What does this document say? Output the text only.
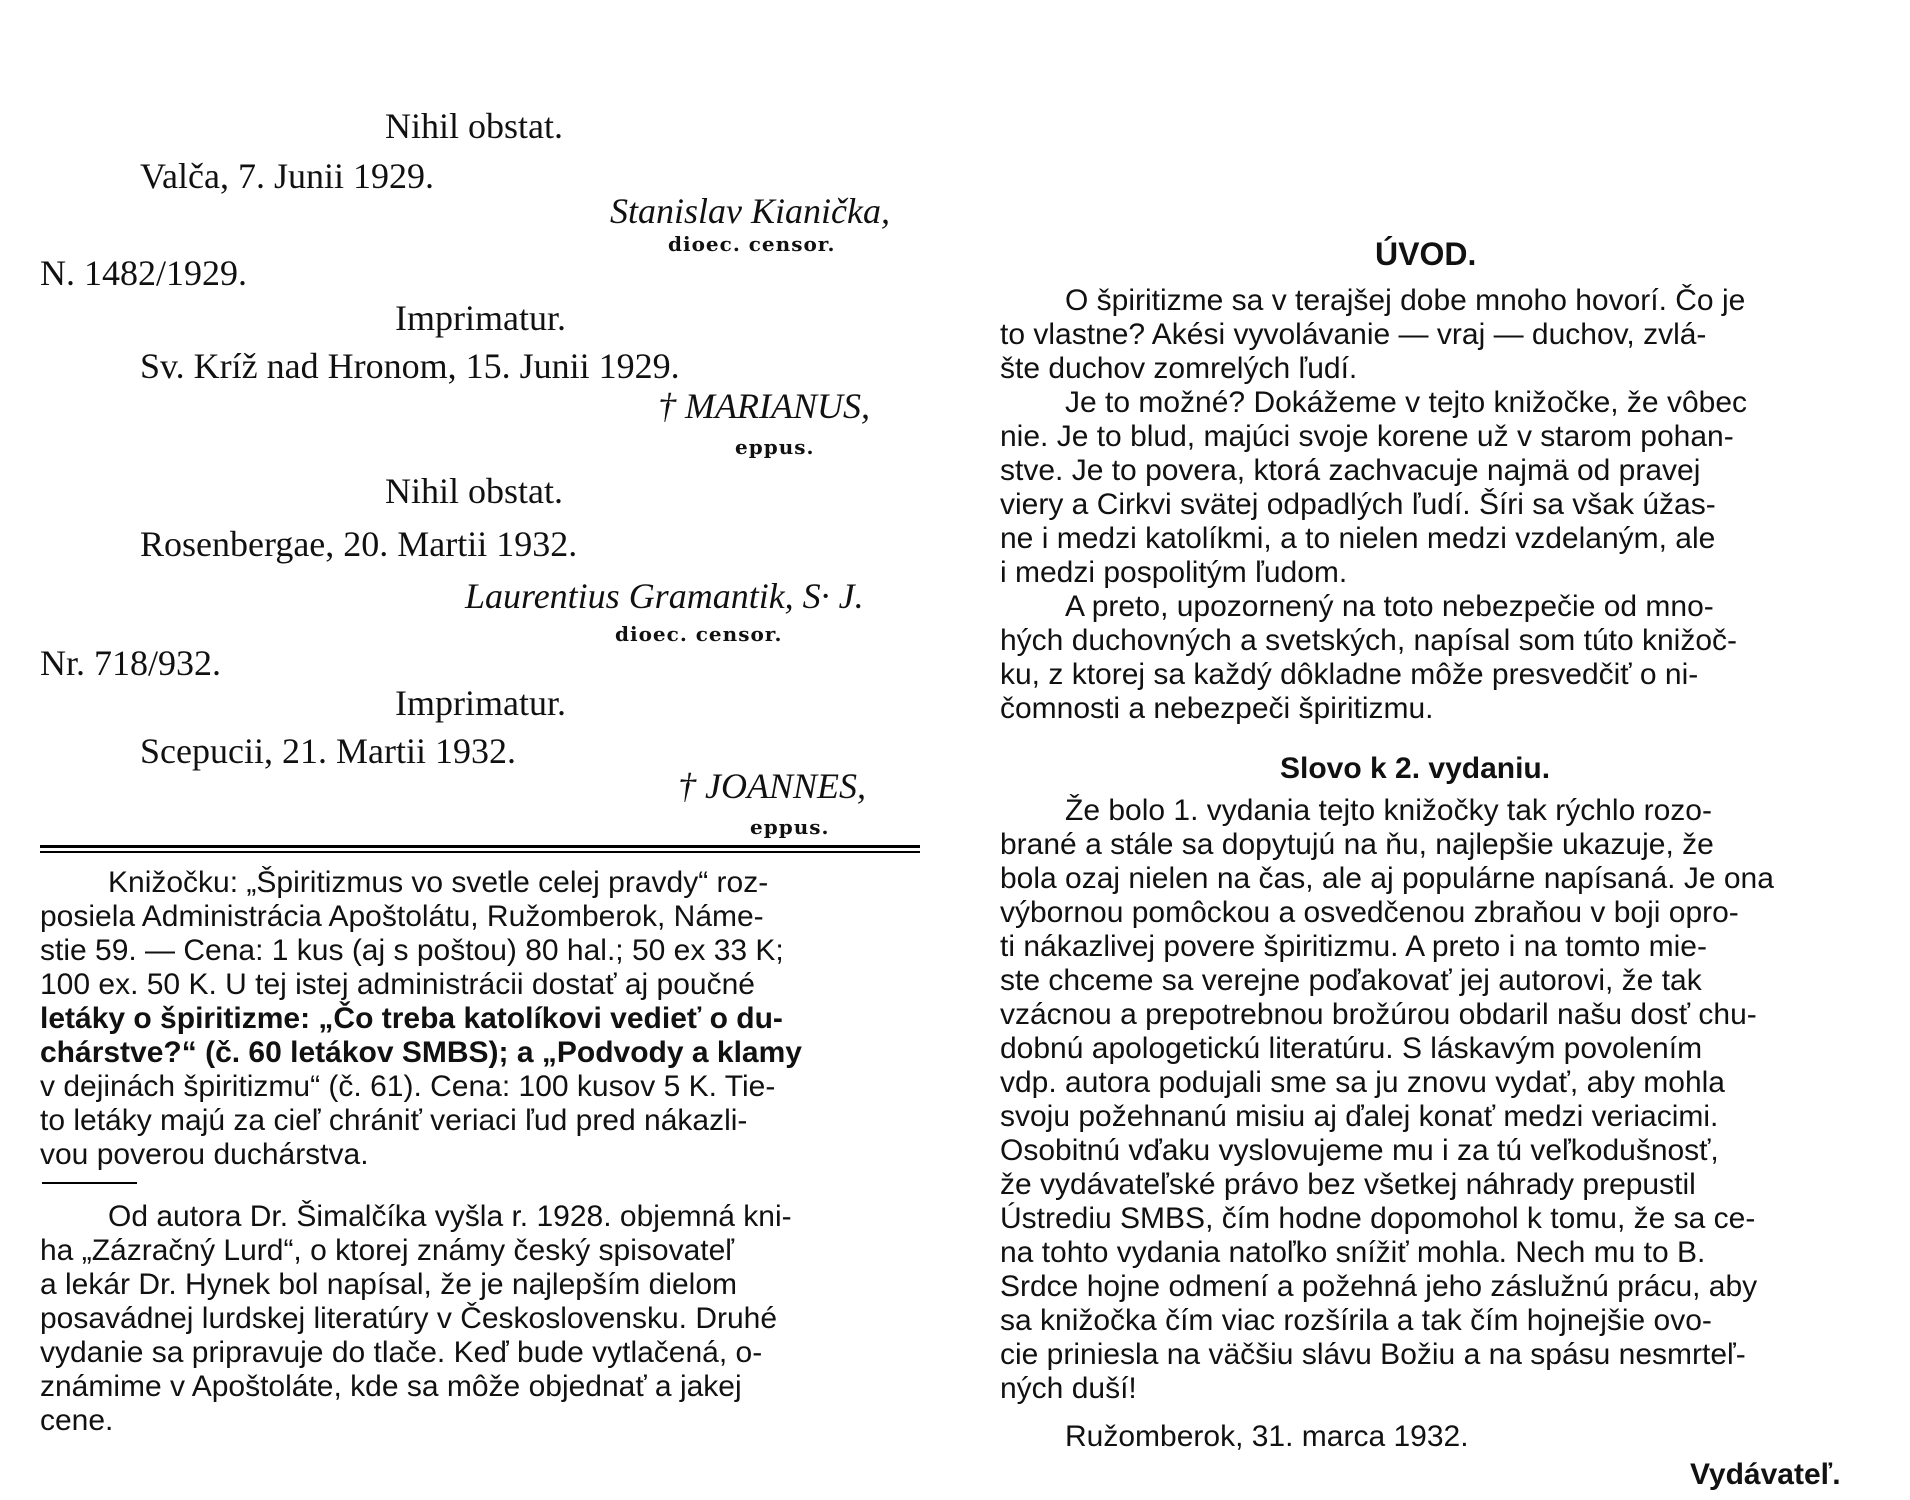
Nihil obstat.
Valča, 7. Junii 1929.
Stanislav Kianička,
dioec. censor.
N. 1482/1929.
Imprimatur.
Sv. Kríž nad Hronom, 15. Junii 1929.
† MARIANUS,
eppus.
Nihil obstat.
Rosenbergae, 20. Martii 1932.
Laurentius Gramantik, S· J.
dioec. censor.
Nr. 718/932.
Imprimatur.
Scepucii, 21. Martii 1932.
† JOANNES,
eppus.
Knižočku: „Špiritizmus vo svetle celej pravdy“ roz-
posiela Administrácia Apoštolátu, Ružomberok, Náme-
stie 59. — Cena: 1 kus (aj s poštou) 80 hal.; 50 ex 33 K;
100 ex. 50 K. U tej istej administrácii dostať aj poučné
letáky o špiritizme: „Čo treba katolíkovi vedieť o du-
chárstve?“ (č. 60 letákov SMBS); a „Podvody a klamy
v dejinách špiritizmu“ (č. 61). Cena: 100 kusov 5 K. Tie-
to letáky majú za cieľ chrániť veriaci ľud pred nákazli-
vou poverou duchárstva.
Od autora Dr. Šimalčíka vyšla r. 1928. objemná kni-
ha „Zázračný Lurd“, o ktorej známy český spisovateľ
a lekár Dr. Hynek bol napísal, že je najlepším dielom
posavádnej lurdskej literatúry v Československu. Druhé
vydanie sa pripravuje do tlače. Keď bude vytlačená, o-
známime v Apoštoláte, kde sa môže objednať a jakej
cene.
ÚVOD.
O špiritizme sa v terajšej dobe mnoho hovorí. Čo je
to vlastne? Akési vyvolávanie — vraj — duchov, zvlá-
šte duchov zomrelých ľudí.
Je to možné? Dokážeme v tejto knižočke, že vôbec
nie. Je to blud, majúci svoje korene už v starom pohan-
stve. Je to povera, ktorá zachvacuje najmä od pravej
viery a Cirkvi svätej odpadlých ľudí. Šíri sa však úžas-
ne i medzi katolíkmi, a to nielen medzi vzdelaným, ale
i medzi pospolitým ľudom.
A preto, upozornený na toto nebezpečie od mno-
hých duchovných a svetských, napísal som túto knižoč-
ku, z ktorej sa každý dôkladne môže presvedčiť o ni-
čomnosti a nebezpeči špiritizmu.
Slovo k 2. vydaniu.
Že bolo 1. vydania tejto knižočky tak rýchlo rozo-
brané a stále sa dopytujú na ňu, najlepšie ukazuje, že
bola ozaj nielen na čas, ale aj populárne napísaná. Je ona
výbornou pomôckou a osvedčenou zbraňou v boji opro-
ti nákazlivej povere špiritizmu. A preto i na tomto mie-
ste chceme sa verejne poďakovať jej autorovi, že tak
vzácnou a prepotrebnou brožúrou obdaril našu dosť chu-
dobnú apologetickú literatúru. S láskavým povolením
vdp. autora podujali sme sa ju znovu vydať, aby mohla
svoju požehnanú misiu aj ďalej konať medzi veriacimi.
Osobitnú vďaku vyslovujeme mu i za tú veľkodušnosť,
že vydávateľské právo bez všetkej náhrady prepustil
Ústrediu SMBS, čím hodne dopomohol k tomu, že sa ce-
na tohto vydania natoľko snížiť mohla. Nech mu to B.
Srdce hojne odmení a požehná jeho záslužnú prácu, aby
sa knižočka čím viac rozšírila a tak čím hojnejšie ovo-
cie priniesla na väčšiu slávu Božiu a na spásu nesmrteľ-
ných duší!
Ružomberok, 31. marca 1932.
Vydávateľ.
